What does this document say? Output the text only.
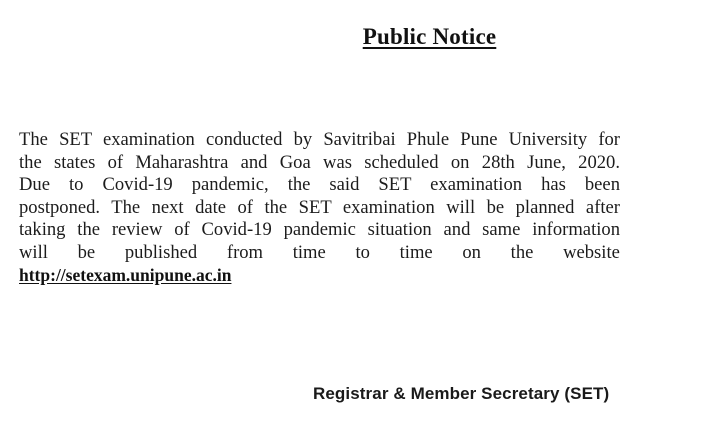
Public Notice
The SET examination conducted by Savitribai Phule Pune University for
the states of Maharashtra and Goa was scheduled on 28th June, 2020.
Due to Covid-19 pandemic, the said SET examination has been
postponed. The next date of the SET examination will be planned after
taking the review of Covid-19 pandemic situation and same information
will be published from time to time on the website
http://setexam.unipune.ac.in
Registrar & Member Secretary (SET)
